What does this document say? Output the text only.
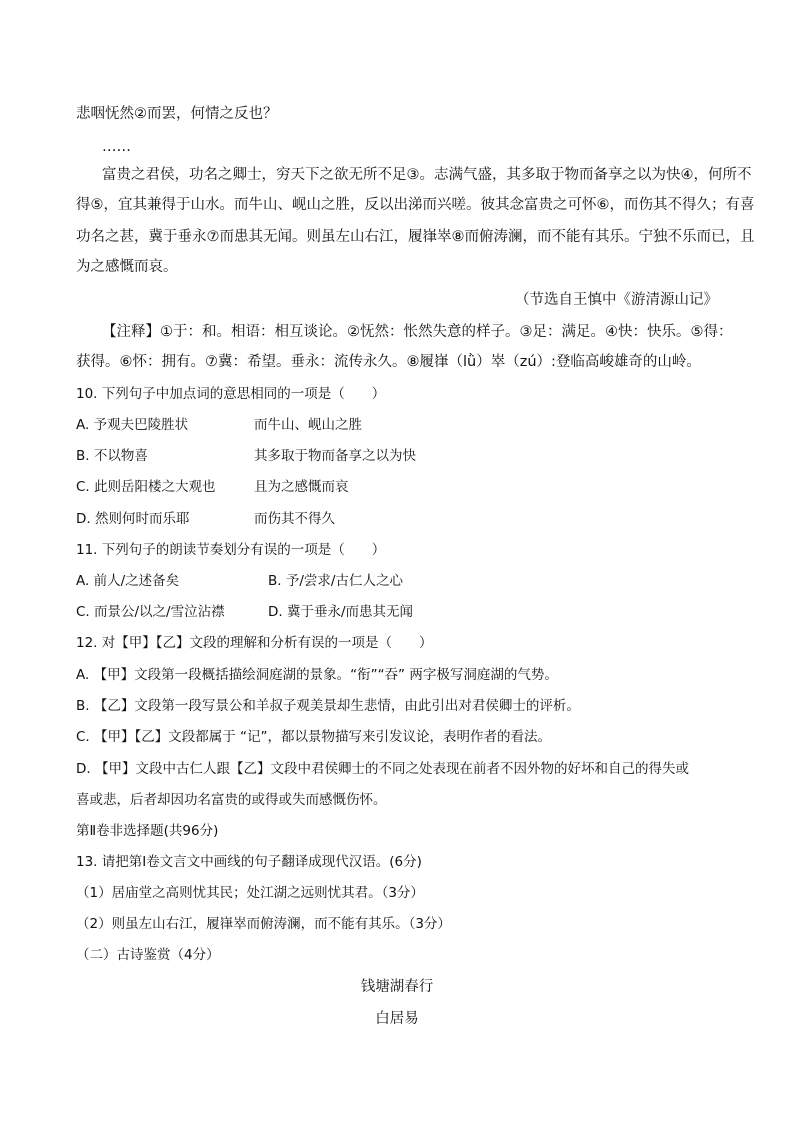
悲咽怃然②而罢，何情之反也？
……
富贵之君侯，功名之卿士，穷天下之欲无所不足③。志满气盛，其多取于物而备享之以为快④，何所不
得⑤，宜其兼得于山水。而牛山、岘山之胜，反以出涕而兴嗟。彼其念富贵之可怀⑥，而伤其不得久；有喜
功名之甚，冀于垂永⑦而患其无闻。则虽左山右江，履嵂崒⑧而俯涛澜，而不能有其乐。宁独不乐而已，且
为之感慨而哀。
（节选自王慎中《游清源山记》
【注释】①于：和。相语：相互谈论。②怃然：怅然失意的样子。③足：满足。④快：快乐。⑤得：
获得。⑥怀：拥有。⑦冀：希望。垂永：流传永久。⑧履嵂（lǜ）崒（zú）:登临高峻雄奇的山岭。
10. 下列句子中加点词的意思相同的一项是（　　）
A. 予观夫巴陵胜状	而牛山、岘山之胜
B. 不以物喜	其多取于物而备享之以为快
C. 此则岳阳楼之大观也	且为之感慨而哀
D. 然则何时而乐耶	而伤其不得久
11. 下列句子的朗读节奏划分有误的一项是（　　）
A. 前人/之述备矣	B. 予/尝求/古仁人之心
C. 而景公/以之/雪泣沾襟	D. 冀于垂永/而患其无闻
12. 对【甲】【乙】文段的理解和分析有误的一项是（　　）
A. 【甲】文段第一段概括描绘洞庭湖的景象。“衔”“吞” 两字极写洞庭湖的气势。
B. 【乙】文段第一段写景公和羊叔子观美景却生悲情，由此引出对君侯卿士的评析。
C. 【甲】【乙】文段都属于 “记”，都以景物描写来引发议论，表明作者的看法。
D. 【甲】文段中古仁人跟【乙】文段中君侯卿士的不同之处表现在前者不因外物的好坏和自己的得失或
喜或悲，后者却因功名富贵的或得或失而感慨伤怀。
第Ⅱ卷非选择题(共96分)
13. 请把第Ⅰ卷文言文中画线的句子翻译成现代汉语。(6分)
（1）居庙堂之高则忧其民；处江湖之远则忧其君。（3分）
（2）则虽左山右江，履嵂崒而俯涛澜，而不能有其乐。（3分）
（二）古诗鉴赏（4分）
钱塘湖春行
白居易
